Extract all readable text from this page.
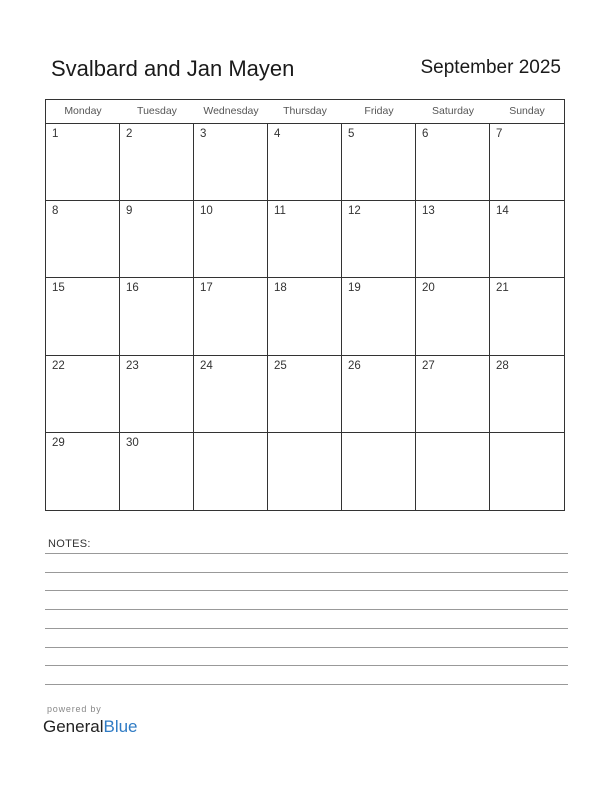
Svalbard and Jan Mayen	September 2025
Monday	Tuesday	Wednesday	Thursday	Friday	Saturday	Sunday
1	2	3	4	5	6	7
8	9	10	11	12	13	14
15	16	17	18	19	20	21
22	23	24	25	26	27	28
29	30
NOTES:
powered by
GeneralBlue
